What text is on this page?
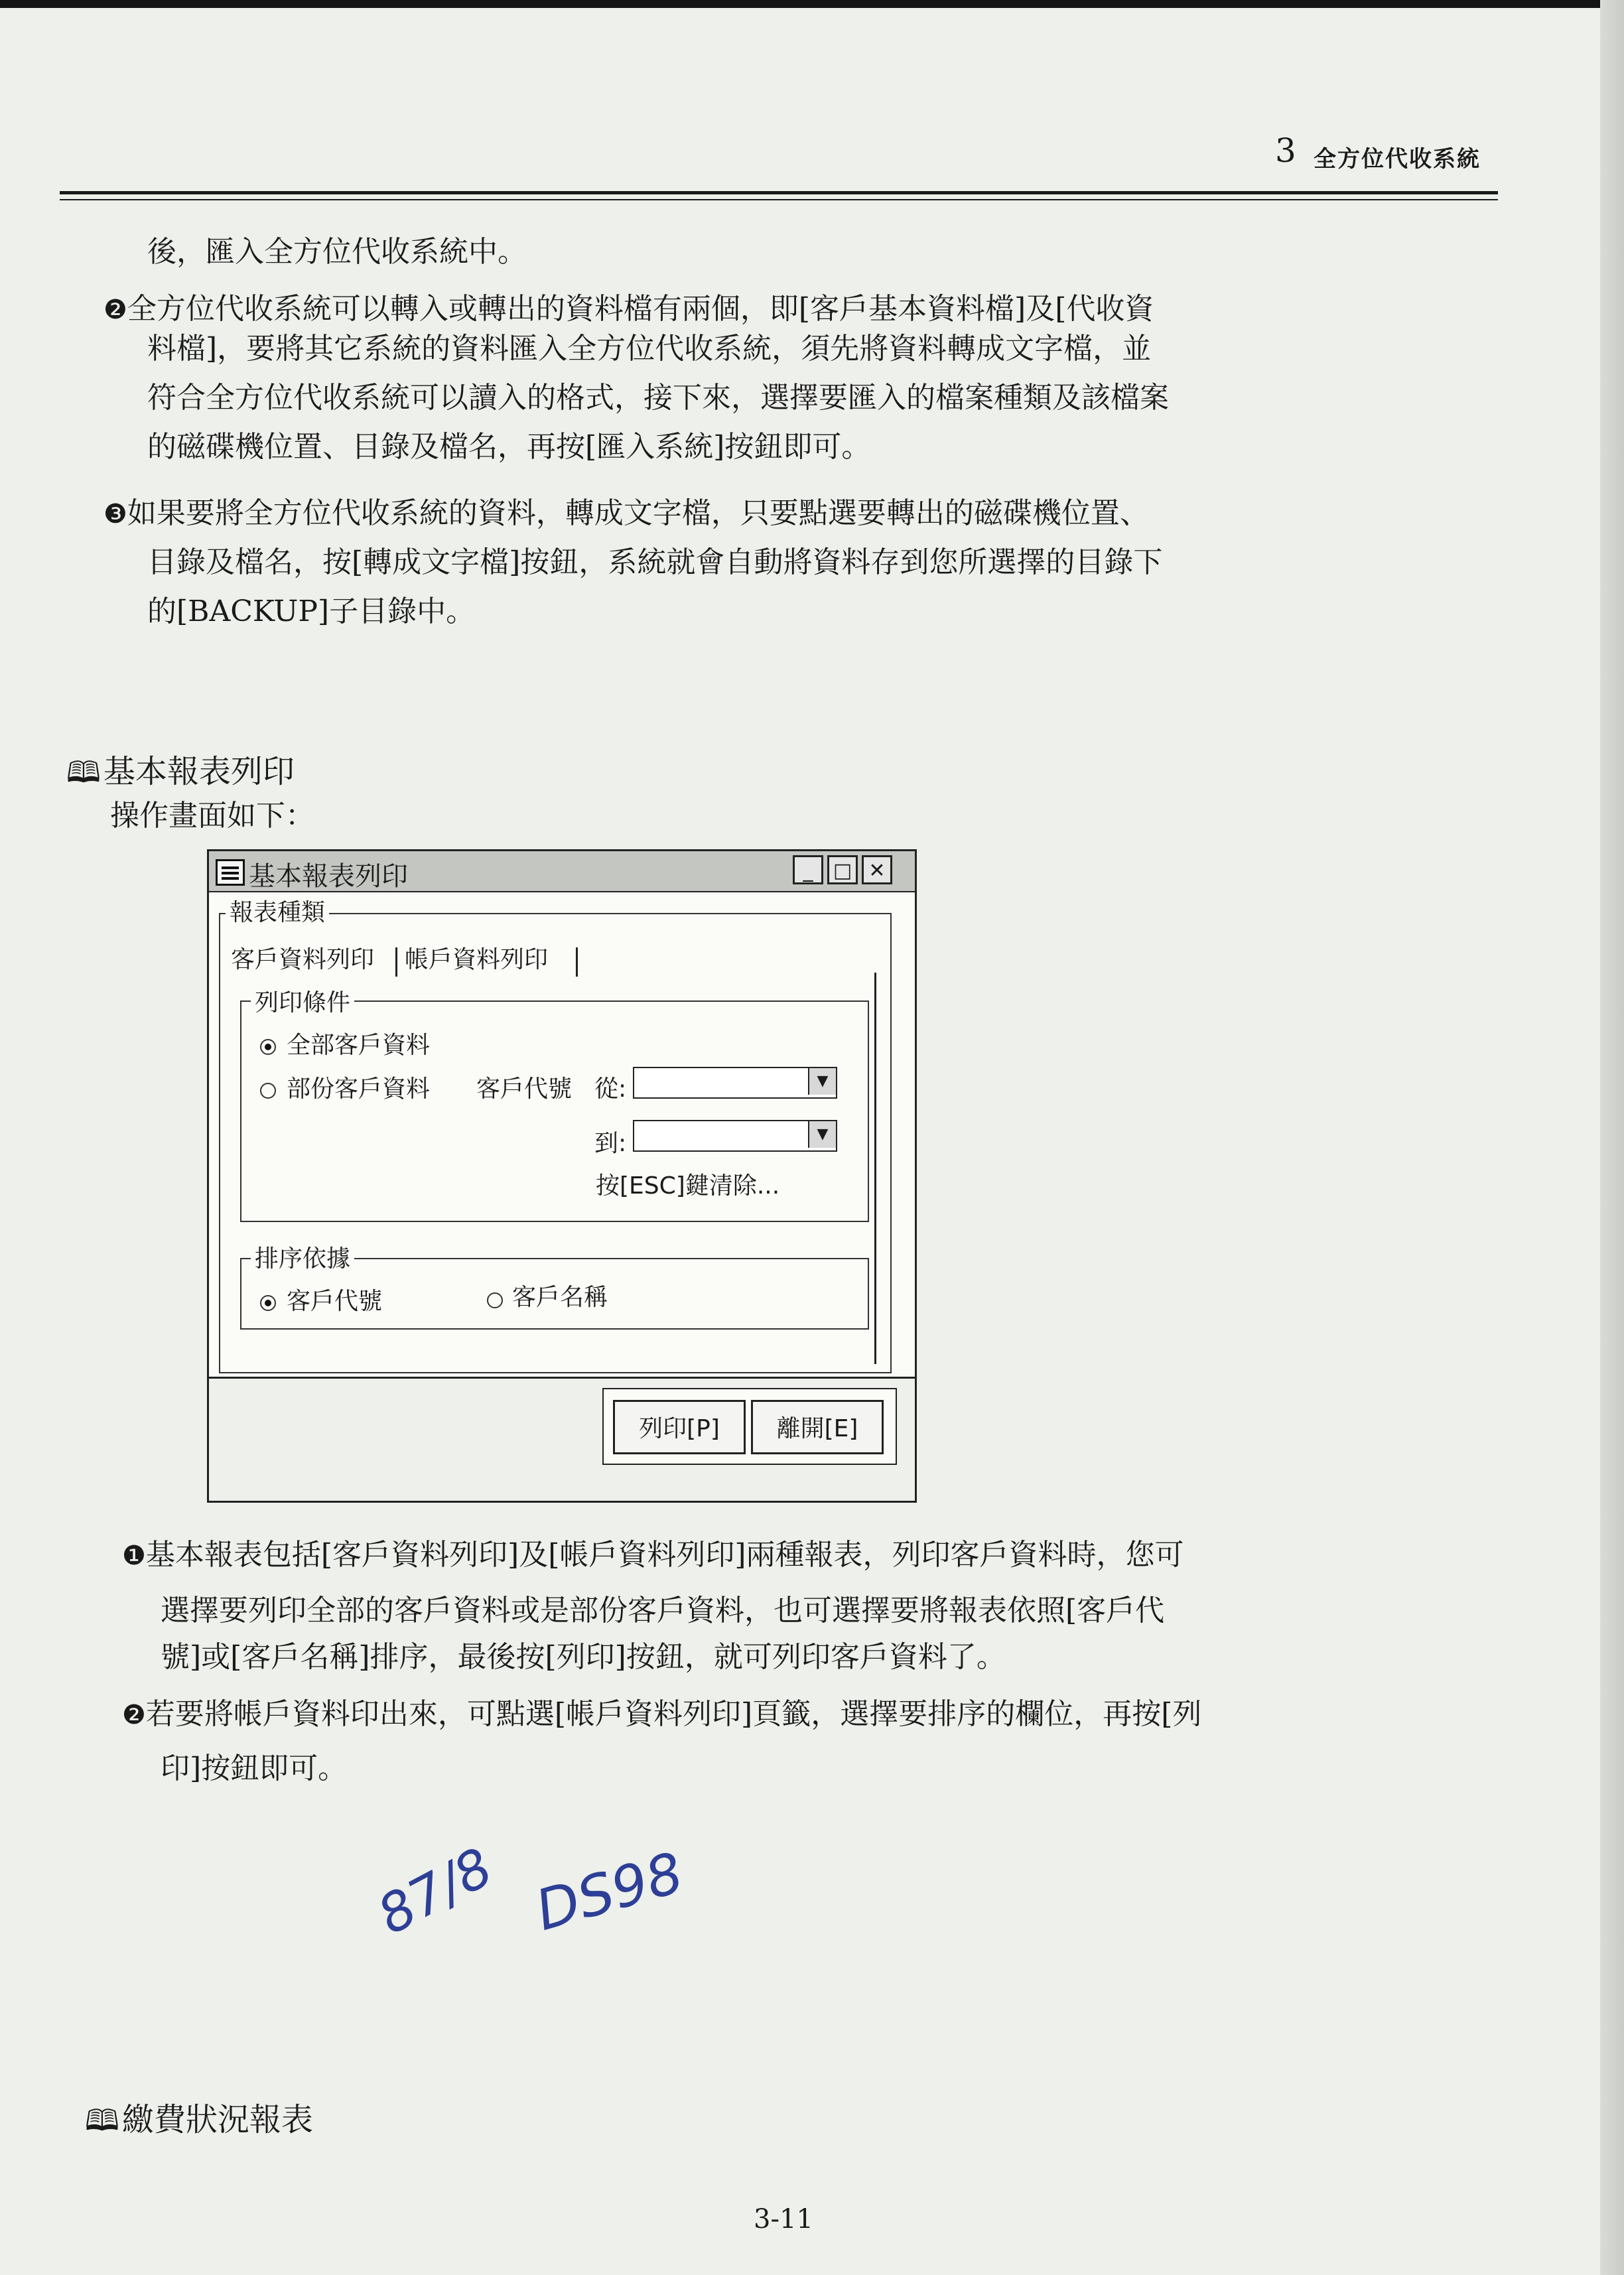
3 全方位代收系統
後，匯入全方位代收系統中。
❷全方位代收系統可以轉入或轉出的資料檔有兩個，即[客戶基本資料檔]及[代收資
料檔]，要將其它系統的資料匯入全方位代收系統，須先將資料轉成文字檔，並
符合全方位代收系統可以讀入的格式，接下來，選擇要匯入的檔案種類及該檔案
的磁碟機位置、目錄及檔名，再按[匯入系統]按鈕即可。
❸如果要將全方位代收系統的資料，轉成文字檔，只要點選要轉出的磁碟機位置、
目錄及檔名，按[轉成文字檔]按鈕，系統就會自動將資料存到您所選擇的目錄下
的[BACKUP]子目錄中。
🕮基本報表列印
操作畫面如下：
基本報表列印	_	□ ✕
報表種類
客戶資料列印 帳戶資料列印
列印條件
全部客戶資料
部份客戶資料 客戶代號 從:	▼
到:	▼
按[ESC]鍵清除...
排序依據
客戶代號	客戶名稱
列印[P]	離開[E]
❶基本報表包括[客戶資料列印]及[帳戶資料列印]兩種報表，列印客戶資料時，您可
選擇要列印全部的客戶資料或是部份客戶資料，也可選擇要將報表依照[客戶代
號]或[客戶名稱]排序，最後按[列印]按鈕，就可列印客戶資料了。
❷若要將帳戶資料印出來，可點選[帳戶資料列印]頁籤，選擇要排序的欄位，再按[列
印]按鈕即可。
87/8 DS98
🕮繳費狀況報表
3-11
